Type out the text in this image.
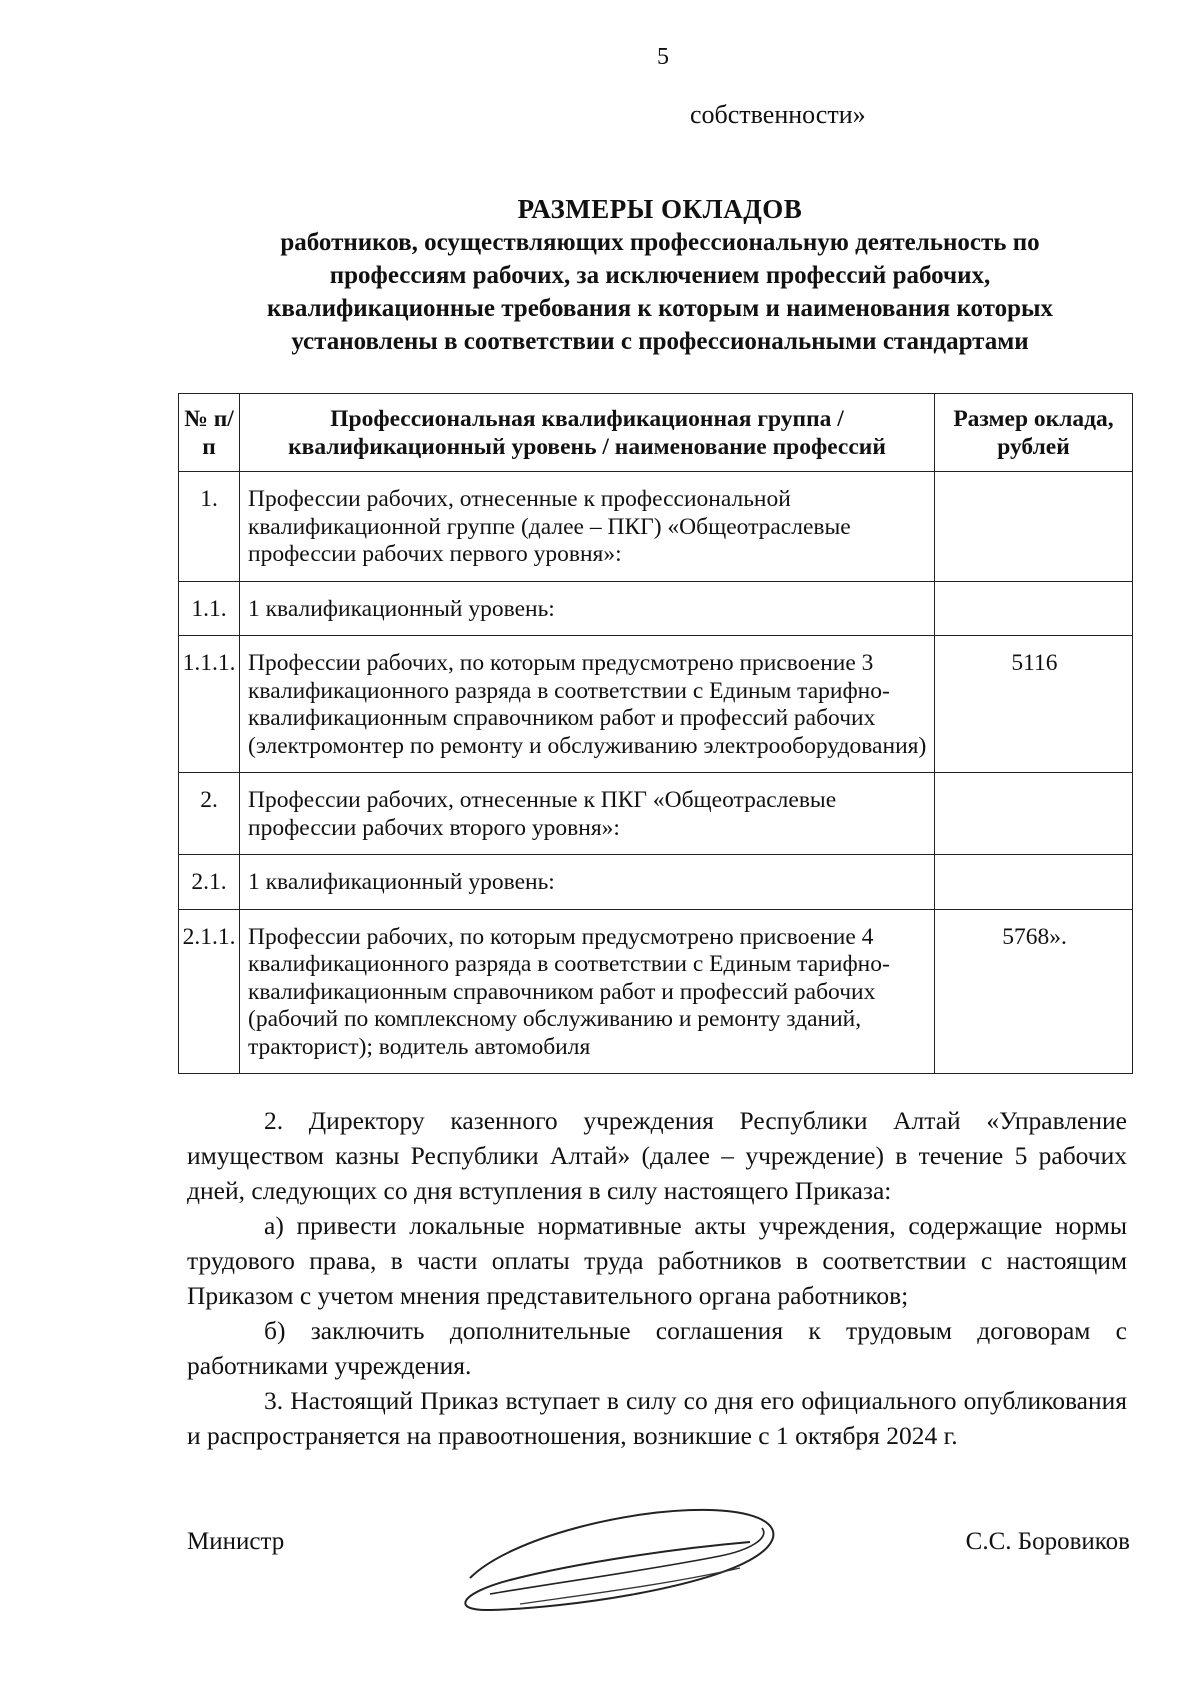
5
собственности»
РАЗМЕРЫ ОКЛАДОВ
работников, осуществляющих профессиональную деятельность по
профессиям рабочих, за исключением профессий рабочих,
квалификационные требования к которым и наименования которых
установлены в соответствии с профессиональными стандартами
№ п/п	Профессиональная квалификационная группа / квалификационный уровень / наименование профессий	Размер оклада, рублей
1.	Профессии рабочих, отнесенные к профессиональной квалификационной группе (далее – ПКГ) «Общеотраслевые профессии рабочих первого уровня»:	
1.1.	1 квалификационный уровень:	
1.1.1.	Профессии рабочих, по которым предусмотрено присвоение 3 квалификационного разряда в соответствии с Единым тарифно-квалификационным справочником работ и профессий рабочих (электромонтер по ремонту и обслуживанию электрооборудования)	5116
2.	Профессии рабочих, отнесенные к ПКГ «Общеотраслевые профессии рабочих второго уровня»:	
2.1.	1 квалификационный уровень:	
2.1.1.	Профессии рабочих, по которым предусмотрено присвоение 4 квалификационного разряда в соответствии с Единым тарифно-квалификационным справочником работ и профессий рабочих (рабочий по комплексному обслуживанию и ремонту зданий, тракторист); водитель автомобиля	5768».

2. Директору казенного учреждения Республики Алтай «Управление имуществом казны Республики Алтай» (далее – учреждение) в течение 5 рабочих дней, следующих со дня вступления в силу настоящего Приказа:

а) привести локальные нормативные акты учреждения, содержащие нормы трудового права, в части оплаты труда работников в соответствии с настоящим Приказом с учетом мнения представительного органа работников;

б) заключить дополнительные соглашения к трудовым договорам с работниками учреждения.

3. Настоящий Приказ вступает в силу со дня его официального опубликования и распространяется на правоотношения, возникшие с 1 октября 2024 г.

Министр	С.С. Боровиков
